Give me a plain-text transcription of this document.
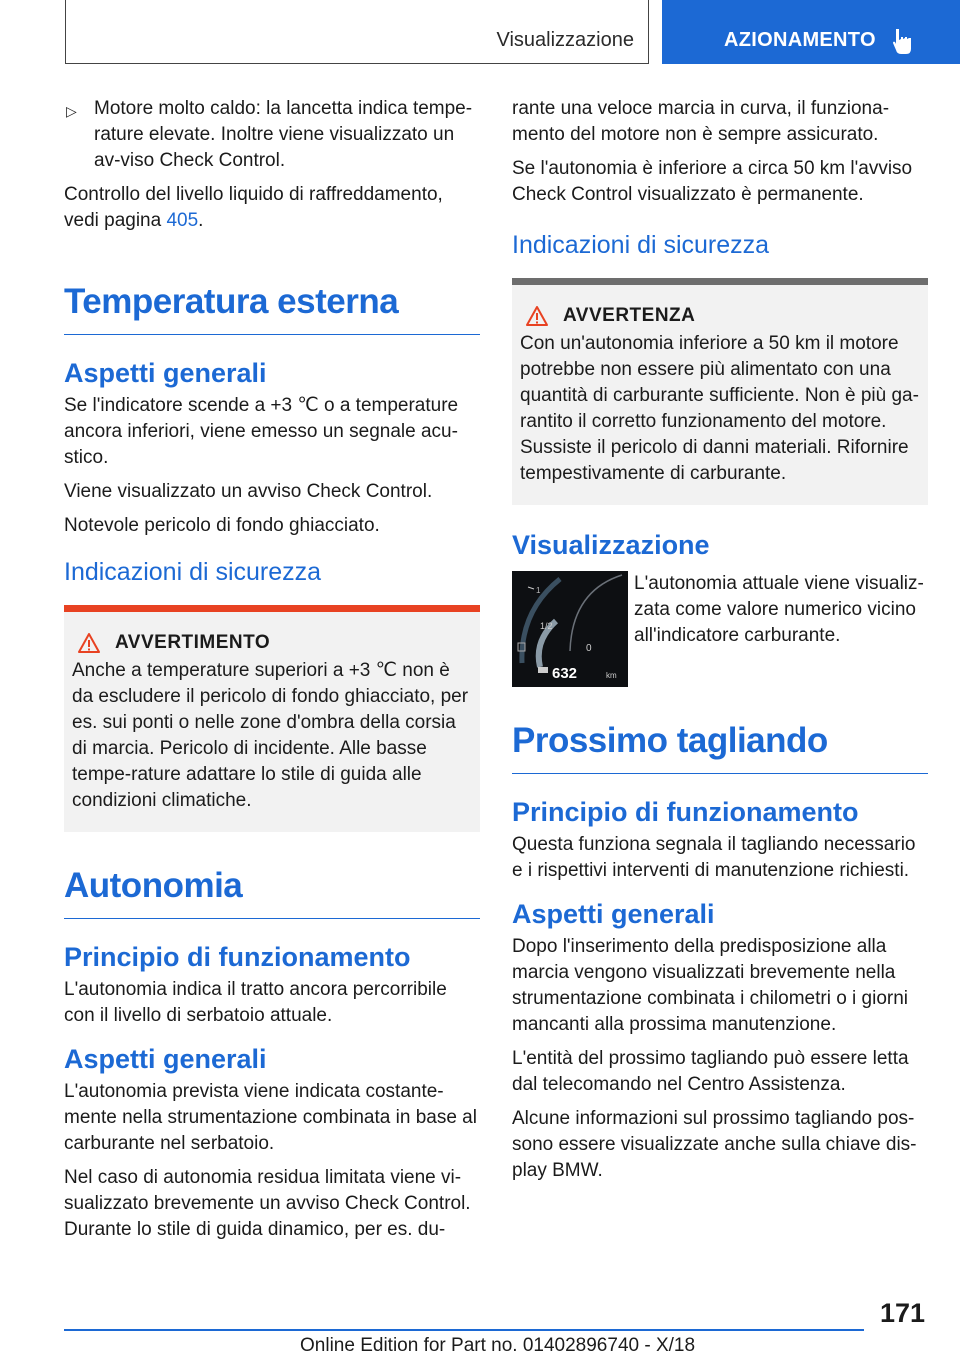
Visualizzazione	AZIONAMENTO
▷ Motore molto caldo: la lancetta indica tempe-rature elevate. Inoltre viene visualizzato un av-viso Check Control.

Controllo del livello liquido di raffreddamento, vedi pagina 405.

Temperatura esterna
Aspetti generali

Se l'indicatore scende a +3 ℃ o a temperature ancora inferiori, viene emesso un segnale acu-stico.

Viene visualizzato un avviso Check Control.

Notevole pericolo di fondo ghiacciato.

Indicazioni di sicurezza
AVVERTIMENTO

Anche a temperature superiori a +3 ℃ non è da escludere il pericolo di fondo ghiacciato, per es. sui ponti o nelle zone d'ombra della corsia di marcia. Pericolo di incidente. Alle basse tempe-rature adattare lo stile di guida alle condizioni climatiche.

Autonomia
Principio di funzionamento

L'autonomia indica il tratto ancora percorribile con il livello di serbatoio attuale.

Aspetti generali

L'autonomia prevista viene indicata costante-mente nella strumentazione combinata in base al carburante nel serbatoio.

Nel caso di autonomia residua limitata viene vi-sualizzato brevemente un avviso Check Control. Durante lo stile di guida dinamico, per es. du-

rante una veloce marcia in curva, il funziona-mento del motore non è sempre assicurato.

Se l'autonomia è inferiore a circa 50 km l'avviso Check Control visualizzato è permanente.

Indicazioni di sicurezza
AVVERTENZA

Con un'autonomia inferiore a 50 km il motore potrebbe non essere più alimentato con una quantità di carburante sufficiente. Non è più ga-rantito il corretto funzionamento del motore. Sussiste il pericolo di danni materiali. Rifornire tempestivamente di carburante.

Visualizzazione
1
1/2
0
632	km

L'autonomia attuale viene visualiz-zata come valore numerico vicino all'indicatore carburante.

Prossimo tagliando
Principio di funzionamento

Questa funziona segnala il tagliando necessario e i rispettivi interventi di manutenzione richiesti.

Aspetti generali

Dopo l'inserimento della predisposizione alla marcia vengono visualizzati brevemente nella strumentazione combinata i chilometri o i giorni mancanti alla prossima manutenzione.

L'entità del prossimo tagliando può essere letta dal telecomando nel Centro Assistenza.

Alcune informazioni sul prossimo tagliando pos-sono essere visualizzate anche sulla chiave dis-play BMW.

171
Online Edition for Part no. 01402896740 - X/18
